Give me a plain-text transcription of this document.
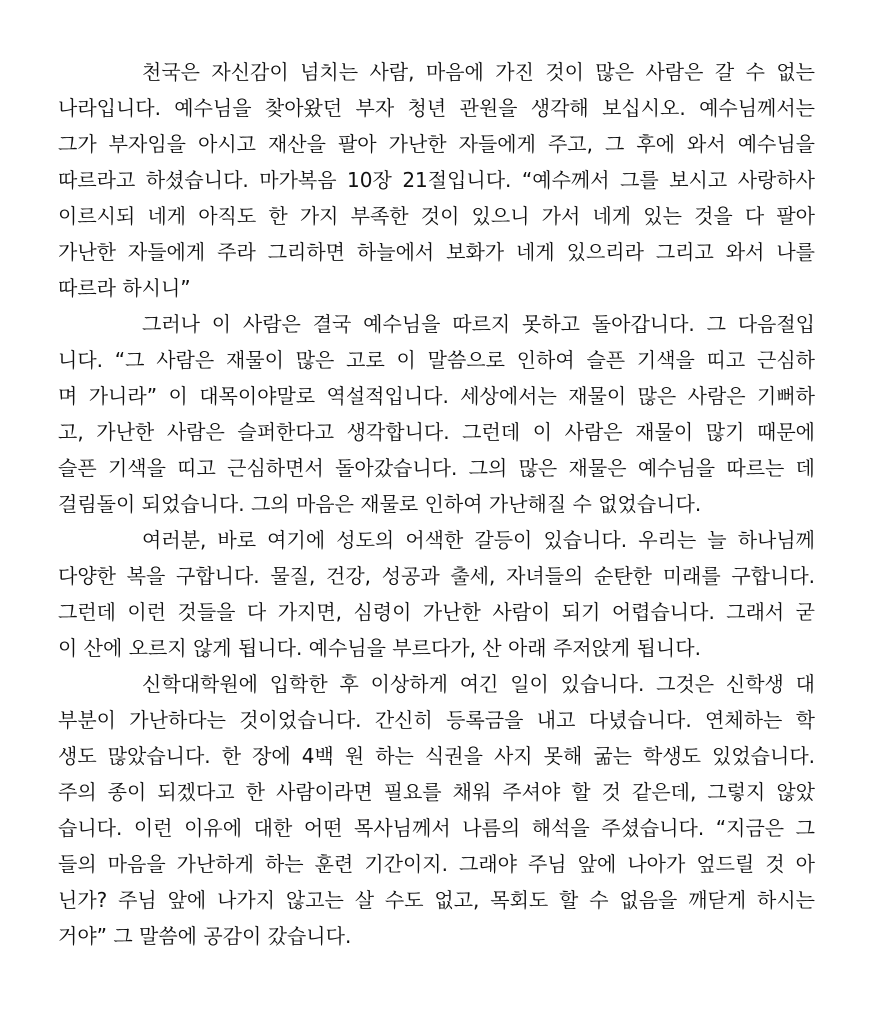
천국은 자신감이 넘치는 사람, 마음에 가진 것이 많은 사람은 갈 수 없는
나라입니다. 예수님을 찾아왔던 부자 청년 관원을 생각해 보십시오. 예수님께서는
그가 부자임을 아시고 재산을 팔아 가난한 자들에게 주고, 그 후에 와서 예수님을
따르라고 하셨습니다. 마가복음 10장 21절입니다. “예수께서 그를 보시고 사랑하사
이르시되 네게 아직도 한 가지 부족한 것이 있으니 가서 네게 있는 것을 다 팔아
가난한 자들에게 주라 그리하면 하늘에서 보화가 네게 있으리라 그리고 와서 나를
따르라 하시니”
그러나 이 사람은 결국 예수님을 따르지 못하고 돌아갑니다. 그 다음절입
니다. “그 사람은 재물이 많은 고로 이 말씀으로 인하여 슬픈 기색을 띠고 근심하
며 가니라” 이 대목이야말로 역설적입니다. 세상에서는 재물이 많은 사람은 기뻐하
고, 가난한 사람은 슬퍼한다고 생각합니다. 그런데 이 사람은 재물이 많기 때문에
슬픈 기색을 띠고 근심하면서 돌아갔습니다. 그의 많은 재물은 예수님을 따르는 데
걸림돌이 되었습니다. 그의 마음은 재물로 인하여 가난해질 수 없었습니다.
여러분, 바로 여기에 성도의 어색한 갈등이 있습니다. 우리는 늘 하나님께
다양한 복을 구합니다. 물질, 건강, 성공과 출세, 자녀들의 순탄한 미래를 구합니다.
그런데 이런 것들을 다 가지면, 심령이 가난한 사람이 되기 어렵습니다. 그래서 굳
이 산에 오르지 않게 됩니다. 예수님을 부르다가, 산 아래 주저앉게 됩니다.
신학대학원에 입학한 후 이상하게 여긴 일이 있습니다. 그것은 신학생 대
부분이 가난하다는 것이었습니다. 간신히 등록금을 내고 다녔습니다. 연체하는 학
생도 많았습니다. 한 장에 4백 원 하는 식권을 사지 못해 굶는 학생도 있었습니다.
주의 종이 되겠다고 한 사람이라면 필요를 채워 주셔야 할 것 같은데, 그렇지 않았
습니다. 이런 이유에 대한 어떤 목사님께서 나름의 해석을 주셨습니다. “지금은 그
들의 마음을 가난하게 하는 훈련 기간이지. 그래야 주님 앞에 나아가 엎드릴 것 아
닌가? 주님 앞에 나가지 않고는 살 수도 없고, 목회도 할 수 없음을 깨닫게 하시는
거야” 그 말씀에 공감이 갔습니다.
